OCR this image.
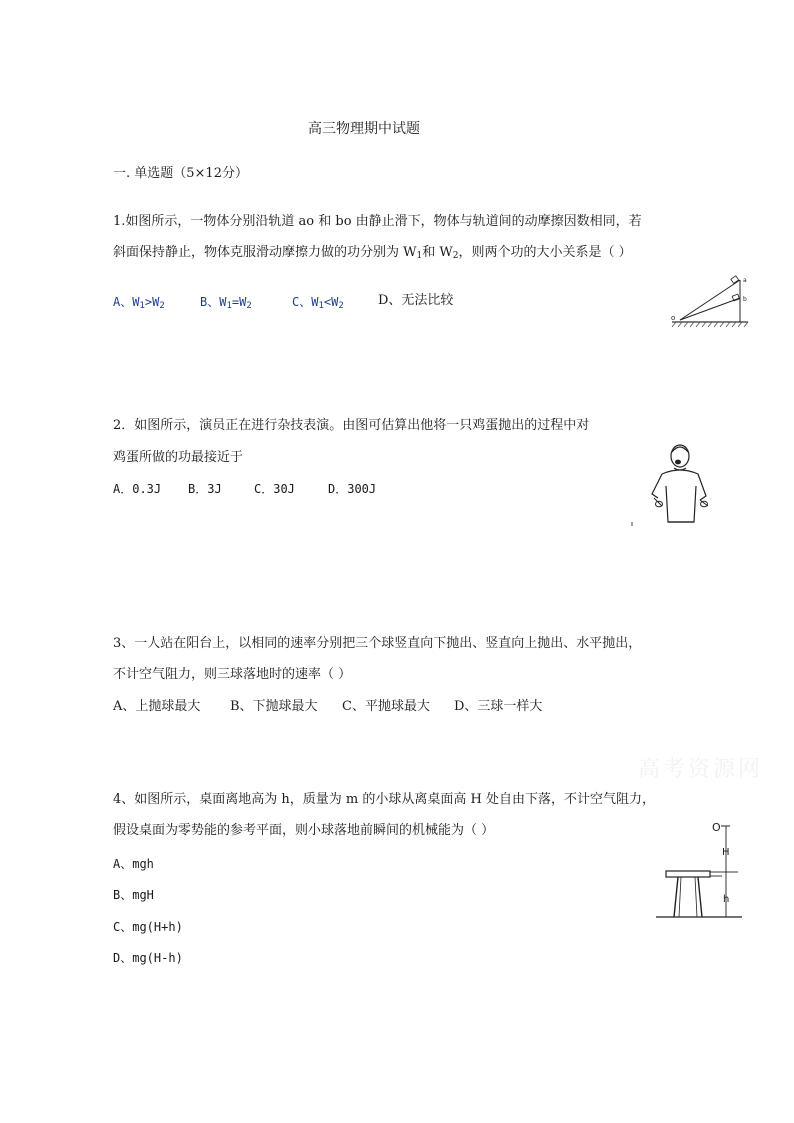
高三物理期中试题
一. 单选题（5×12分）
1.如图所示，一物体分别沿轨道 ao 和 bo 由静止滑下，物体与轨道间的动摩擦因数相同，若
斜面保持静止，物体克服滑动摩擦力做的功分别为 $W_1$和 $W_2$，则两个功的大小关系是（ ）
A、$W_1>W_2$	B、$W_1=W_2$	C、$W_1<W_2$	D、无法比较
a
b
o
2．如图所示，演员正在进行杂技表演。由图可估算出他将一只鸡蛋抛出的过程中对
鸡蛋所做的功最接近于
A．0.3J B．3J	C．30J	D．300J
3、一人站在阳台上，以相同的速率分别把三个球竖直向下抛出、竖直向上抛出、水平抛出，
不计空气阻力，则三球落地时的速率（ ）
A、上抛球最大 B、下抛球最大 C、平抛球最大 D、三球一样大
高考资源网
4、如图所示，桌面离地高为 h，质量为 m 的小球从离桌面高 H 处自由下落，不计空气阻力，
假设桌面为零势能的参考平面，则小球落地前瞬间的机械能为（ ）
A、mgh
B、mgH
C、mg(H+h)
D、mg(H-h)
O
H
h
